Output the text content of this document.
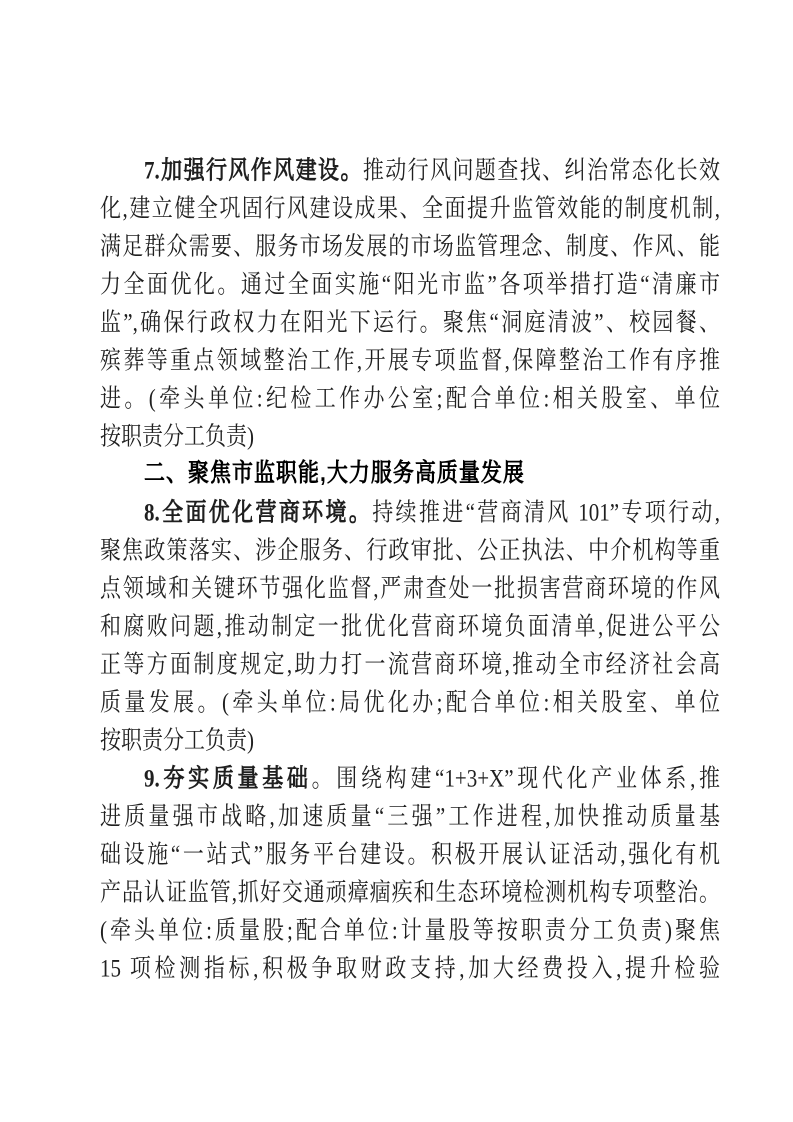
7.加强行风作风建设。推动行风问题查找、纠治常态化长效
化,建立健全巩固行风建设成果、全面提升监管效能的制度机制,
满足群众需要、服务市场发展的市场监管理念、制度、作风、能
力全面优化。通过全面实施“阳光市监”各项举措打造“清廉市
监”,确保行政权力在阳光下运行。聚焦“洞庭清波”、校园餐、
殡葬等重点领域整治工作,开展专项监督,保障整治工作有序推
进。(牵头单位:纪检工作办公室;配合单位:相关股室、单位
按职责分工负责)
二、聚焦市监职能,大力服务高质量发展
8.全面优化营商环境。持续推进“营商清风 101”专项行动,
聚焦政策落实、涉企服务、行政审批、公正执法、中介机构等重
点领域和关键环节强化监督,严肃查处一批损害营商环境的作风
和腐败问题,推动制定一批优化营商环境负面清单,促进公平公
正等方面制度规定,助力打一流营商环境,推动全市经济社会高
质量发展。(牵头单位:局优化办;配合单位:相关股室、单位
按职责分工负责)
9.夯实质量基础。围绕构建“1+3+X”现代化产业体系,推
进质量强市战略,加速质量“三强”工作进程,加快推动质量基
础设施“一站式”服务平台建设。积极开展认证活动,强化有机
产品认证监管,抓好交通顽瘴痼疾和生态环境检测机构专项整治。
(牵头单位:质量股;配合单位:计量股等按职责分工负责)聚焦
15 项检测指标,积极争取财政支持,加大经费投入,提升检验
